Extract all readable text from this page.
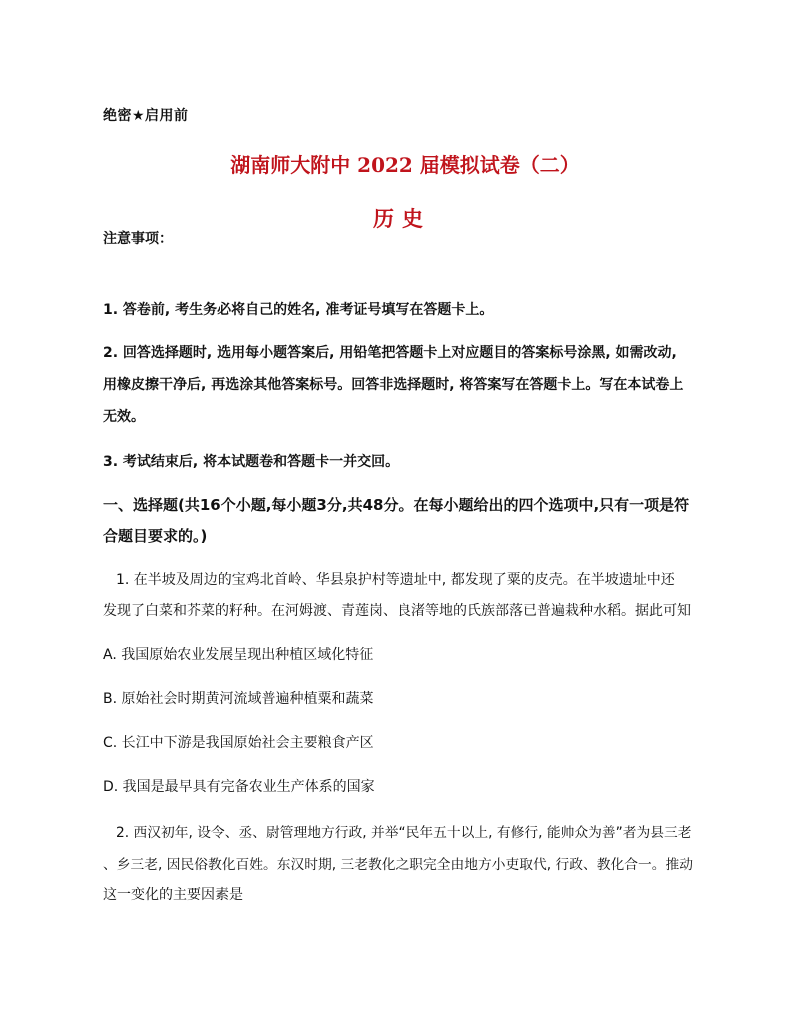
绝密★启用前
湖南师大附中 2022 届模拟试卷（二）
历史
注意事项：
1. 答卷前, 考生务必将自己的姓名, 准考证号填写在答题卡上。
2. 回答选择题时, 选用每小题答案后, 用铅笔把答题卡上对应题目的答案标号涂黑, 如需改动,
用橡皮擦干净后, 再选涂其他答案标号。回答非选择题时, 将答案写在答题卡上。写在本试卷上
无效。
3. 考试结束后, 将本试题卷和答题卡一并交回。
一、选择题(共16个小题,每小题3分,共48分。在每小题给出的四个选项中,只有一项是符
合题目要求的。)
1. 在半坡及周边的宝鸡北首岭、华县泉护村等遗址中, 都发现了粟的皮壳。在半坡遗址中还
发现了白菜和芥菜的籽种。在河姆渡、青莲岗、良渚等地的氏族部落已普遍栽种水稻。据此可知
A. 我国原始农业发展呈现出种植区域化特征
B. 原始社会时期黄河流域普遍种植粟和蔬菜
C. 长江中下游是我国原始社会主要粮食产区
D. 我国是最早具有完备农业生产体系的国家
2. 西汉初年, 设令、丞、尉管理地方行政, 并举“民年五十以上, 有修行, 能帅众为善”者为县三老
、乡三老, 因民俗教化百姓。东汉时期, 三老教化之职完全由地方小吏取代, 行政、教化合一。推动
这一变化的主要因素是
